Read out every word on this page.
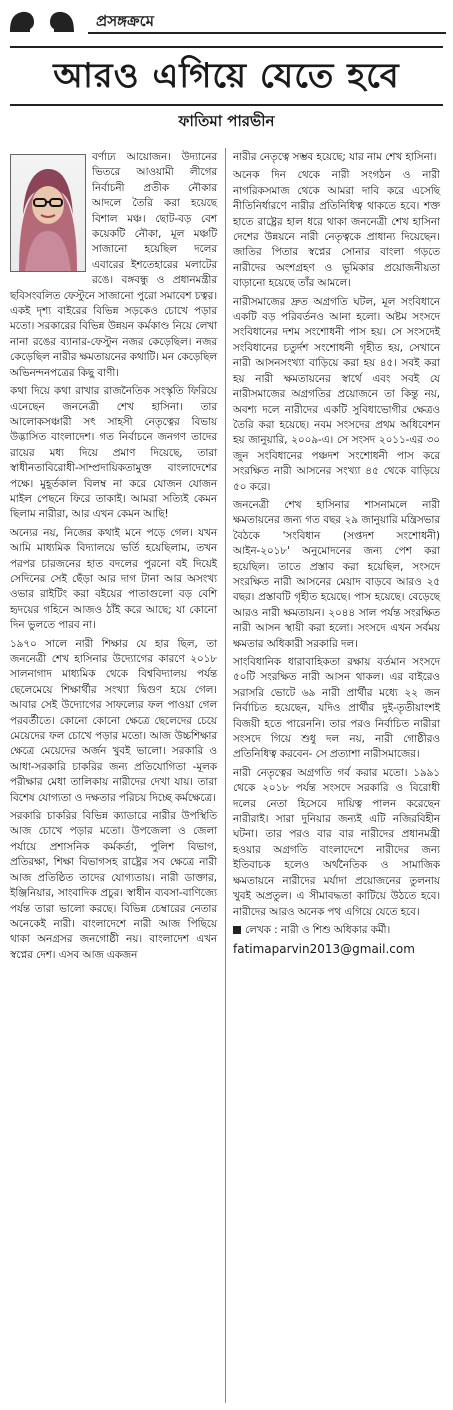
প্রসঙ্গক্রমে
আরও এগিয়ে যেতে হবে
ফাতিমা পারভীন

বর্ণাঢ্য আয়োজন। উদ্যানের ভিতরে আওয়ামী লীগের নির্বাচনী প্রতীক নৌকার আদলে তৈরি করা হয়েছে বিশাল মঞ্চ। ছোট-বড় বেশ কয়েকটি নৌকা, মূল মঞ্চটি সাজানো হয়েছিল দলের এবারের ইশতেহারের মলাটের রঙে। বঙ্গবন্ধু ও প্রধানমন্ত্রীর ছবিসংবলিত ফেস্টুনে সাজানো পুরো সমাবেশ চত্বর। একই দৃশ্য বাইরের বিভিন্ন সড়কেও চোখে পড়ার মতো। সরকারের বিভিন্ন উন্নয়ন কর্মকাণ্ড নিয়ে লেখা নানা রঙের ব্যানার-ফেস্টুন নজর কেড়েছিল। নজর কেড়েছিল নারীর ক্ষমতায়নের কথাটি। মন কেড়েছিল অভিনন্দনপত্রের কিছু বাণী।

কথা দিয়ে কথা রাখার রাজনৈতিক সংস্কৃতি ফিরিয়ে এনেছেন জননেত্রী শেখ হাসিনা। তার আলোকসঞ্চারী সৎ সাহসী নেতৃত্বের বিভায় উদ্ভাসিত বাংলাদেশ। গত নির্বাচনে জনগণ তাদের রায়ের মধ্য দিয়ে প্রমাণ দিয়েছে, তারা স্বাধীনতাবিরোধী-সাম্প্রদায়িকতামুক্ত বাংলাদেশের পক্ষে। মুহূর্তকাল বিলম্ব না করে যোজন যোজন মাইল পেছনে ফিরে তাকাই। আমরা সত্যিই কেমন ছিলাম নারীরা, আর এখন কেমন আছি!

অন্যের নয়, নিজের কথাই মনে পড়ে গেল। যখন আমি মাধ্যমিক বিদ্যালয়ে ভর্তি হয়েছিলাম, তখন পরপর চারজনের হাত বদলের পুরনো বই দিয়েই সেদিনের সেই ছেঁড়া আর দাগ টানা আর অসংখ্য ওভার রাইটিং করা বইয়ের পাতাগুলো বড় বেশি হৃদয়ের গহিনে আজও ঠাঁই করে আছে; যা কোনো দিন ভুলতে পারব না।

১৯৭০ সালে নারী শিক্ষার যে হার ছিল, তা জননেত্রী শেখ হাসিনার উদ্যোগের কারণে ২০১৮ সালনাগাদ মাধ্যমিক থেকে বিশ্ববিদ্যালয় পর্যন্ত ছেলেমেয়ে শিক্ষার্থীর সংখ্যা দ্বিগুণ হয়ে গেল। আবার সেই উদ্যোগের সাফল্যের ফল পাওয়া গেল পরবর্তীতে। কোনো কোনো ক্ষেত্রে ছেলেদের চেয়ে মেয়েদের ফল চোখে পড়ার মতো। আজ উচ্চশিক্ষার ক্ষেত্রে মেয়েদের অর্জন খুবই ভালো। সরকারি ও আধা-সরকারি চাকরির জন্য প্রতিযোগিতা -মূলক পরীক্ষার মেধা তালিকায় নারীদের দেখা যায়। তারা বিশেষ যোগ্যতা ও দক্ষতার পরিচয় দিচ্ছে কর্মক্ষেত্রে।

সরকারি চাকরির বিভিন্ন ক্যাডারে নারীর উপস্থিতি আজ চোখে পড়ার মতো। উপজেলা ও জেলা পর্যায়ে প্রশাসনিক কর্মকর্তা, পুলিশ বিভাগ, প্রতিরক্ষা, শিক্ষা বিভাগসহ রাষ্ট্রের সব ক্ষেত্রে নারী আজ প্রতিষ্ঠিত তাদের যোগ্যতায়। নারী ডাক্তার, ইঞ্জিনিয়ার, সাংবাদিক প্রচুর। স্বাধীন ব্যবসা-বাণিজ্যে পর্যন্ত তারা ভালো করছে। বিভিন্ন চেম্বারের নেতার অনেকেই নারী। বাংলাদেশে নারী আজ পিছিয়ে থাকা অনগ্রসর জনগোষ্ঠী নয়। বাংলাদেশ এখন স্বপ্নের দেশ। এসব আজ একজন

নারীর নেতৃত্বে সম্ভব হয়েছে; যার নাম শেখ হাসিনা।

অনেক দিন থেকে নারী সংগঠন ও নারী নাগরিকসমাজ থেকে আমরা দাবি করে এসেছি নীতিনির্ধারণে নারীর প্রতিনিধিত্ব থাকতে হবে। শক্ত হাতে রাষ্ট্রের হাল ধরে থাকা জননেত্রী শেখ হাসিনা দেশের উন্নয়নে নারী নেতৃত্বকে প্রাধান্য দিয়েছেন। জাতির পিতার স্বপ্নের সোনার বাংলা গড়তে নারীদের অংশগ্রহণ ও ভূমিকার প্রয়োজনীয়তা বাড়ানো হয়েছে তাঁর আমলে।

নারীসমাজের দ্রুত অগ্রগতি ঘটল, মূল সংবিধানে একটি বড় পরিবর্তনও আনা হলো। অষ্টম সংসদে সংবিধানের দশম সংশোধনী পাস হয়। সে সংসদেই সংবিধানের চতুর্দশ সংশোধনী গৃহীত হয়, সেখানে নারী আসনসংখ্যা বাড়িয়ে করা হয় ৪৫। সবই করা হয় নারী ক্ষমতায়নের স্বার্থে এবং সবই যে নারীসমাজের অগ্রগতির প্রয়োজনে তা কিন্তু নয়, অবশ্য দলে নারীদের একটি সুবিধাভোগীর ক্ষেত্রও তৈরি করা হয়েছে। নবম সংসদের প্রথম অধিবেশন হয় জানুয়ারি, ২০০৯-এ। সে সংসদ ২০১১-এর ৩০ জুন সংবিধানের পঞ্চদশ সংশোধনী পাস করে সংরক্ষিত নারী আসনের সংখ্যা ৪৫ থেকে বাড়িয়ে ৫০ করে।

জননেত্রী শেখ হাসিনার শাসনামলে নারী ক্ষমতায়নের জন্য গত বছর ২৯ জানুয়ারি মন্ত্রিসভার বৈঠকে 'সংবিধান (সপ্তদশ সংশোধনী) আইন-২০১৮' অনুমোদনের জন্য পেশ করা হয়েছিল। তাতে প্রস্তাব করা হয়েছিল, সংসদে সংরক্ষিত নারী আসনের মেয়াদ বাড়বে আরও ২৫ বছর। প্রস্তাবটি গৃহীত হয়েছে। পাস হয়েছে। বেড়েছে আরও নারী ক্ষমতায়ন। ২০৪৪ সাল পর্যন্ত সংরক্ষিত নারী আসন স্থায়ী করা হলো। সংসদে এখন সর্বময় ক্ষমতার অধিকারী সরকারি দল।

সাংবিধানিক ধারাবাহিকতা রক্ষায় বর্তমান সংসদে ৫০টি সংরক্ষিত নারী আসন থাকল। এর বাইরেও সরাসরি ভোটে ৬৯ নারী প্রার্থীর মধ্যে ২২ জন নির্বাচিত হয়েছেন, যদিও প্রার্থীর দুই-তৃতীয়াংশই বিজয়ী হতে পারেননি। তার পরও নির্বাচিত নারীরা সংসদে গিয়ে শুধু দল নয়, নারী গোষ্ঠীরও প্রতিনিধিত্ব করবেন- সে প্রত্যাশা নারীসমাজের।

নারী নেতৃত্বের অগ্রগতি গর্ব করার মতো। ১৯৯১ থেকে ২০১৮ পর্যন্ত সংসদে সরকারি ও বিরোধী দলের নেতা হিসেবে দায়িত্ব পালন করেছেন নারীরাই। সারা দুনিয়ার জন্যই এটি নজিরবিহীন ঘটনা। তার পরও বার বার নারীদের প্রধানমন্ত্রী হওয়ার অগ্রগতি বাংলাদেশে নারীদের জন্য ইতিবাচক হলেও অর্থনৈতিক ও সামাজিক ক্ষমতায়নে নারীদের মর্যাদা প্রয়োজনের তুলনায় খুবই অপ্রতুল। এ সীমাবদ্ধতা কাটিয়ে উঠতে হবে। নারীদের আরও অনেক পথ এগিয়ে যেতে হবে।

লেখক : নারী ও শিশু অধিকার কর্মী।

fatimaparvin2013@gmail.com
